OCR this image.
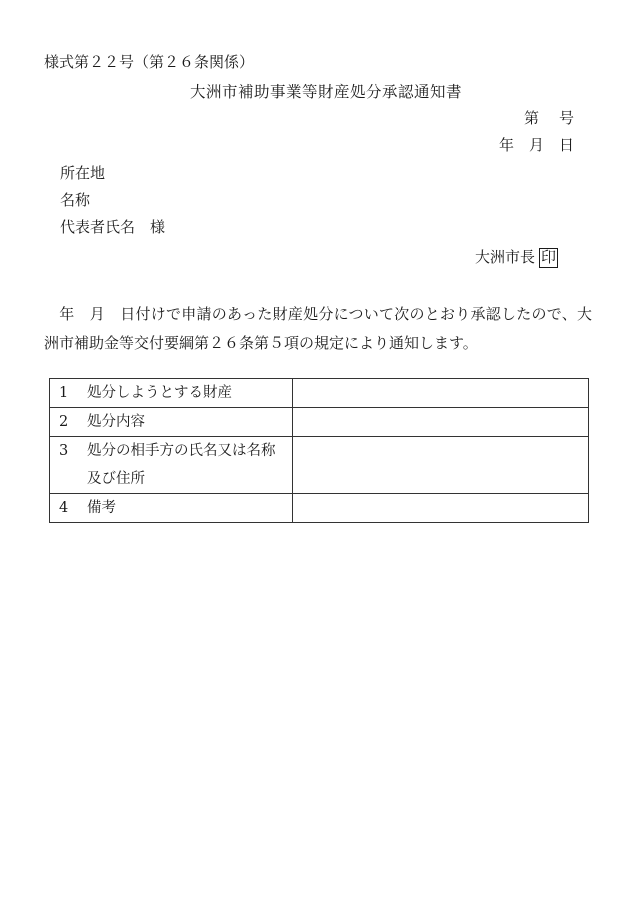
様式第２２号（第２６条関係）
大洲市補助事業等財産処分承認通知書
第 号
年 月 日
所在地
名称
代表者氏名 様
大洲市長 印
年 月 日付けで申請のあった財産処分について次のとおり承認したので、大洲市補助金等交付要綱第２６条第５項の規定により通知します。
1 処分しようとする財産	

2 処分内容	

3 処分の相手方の氏名又は名称及び住所	

4 備考	
